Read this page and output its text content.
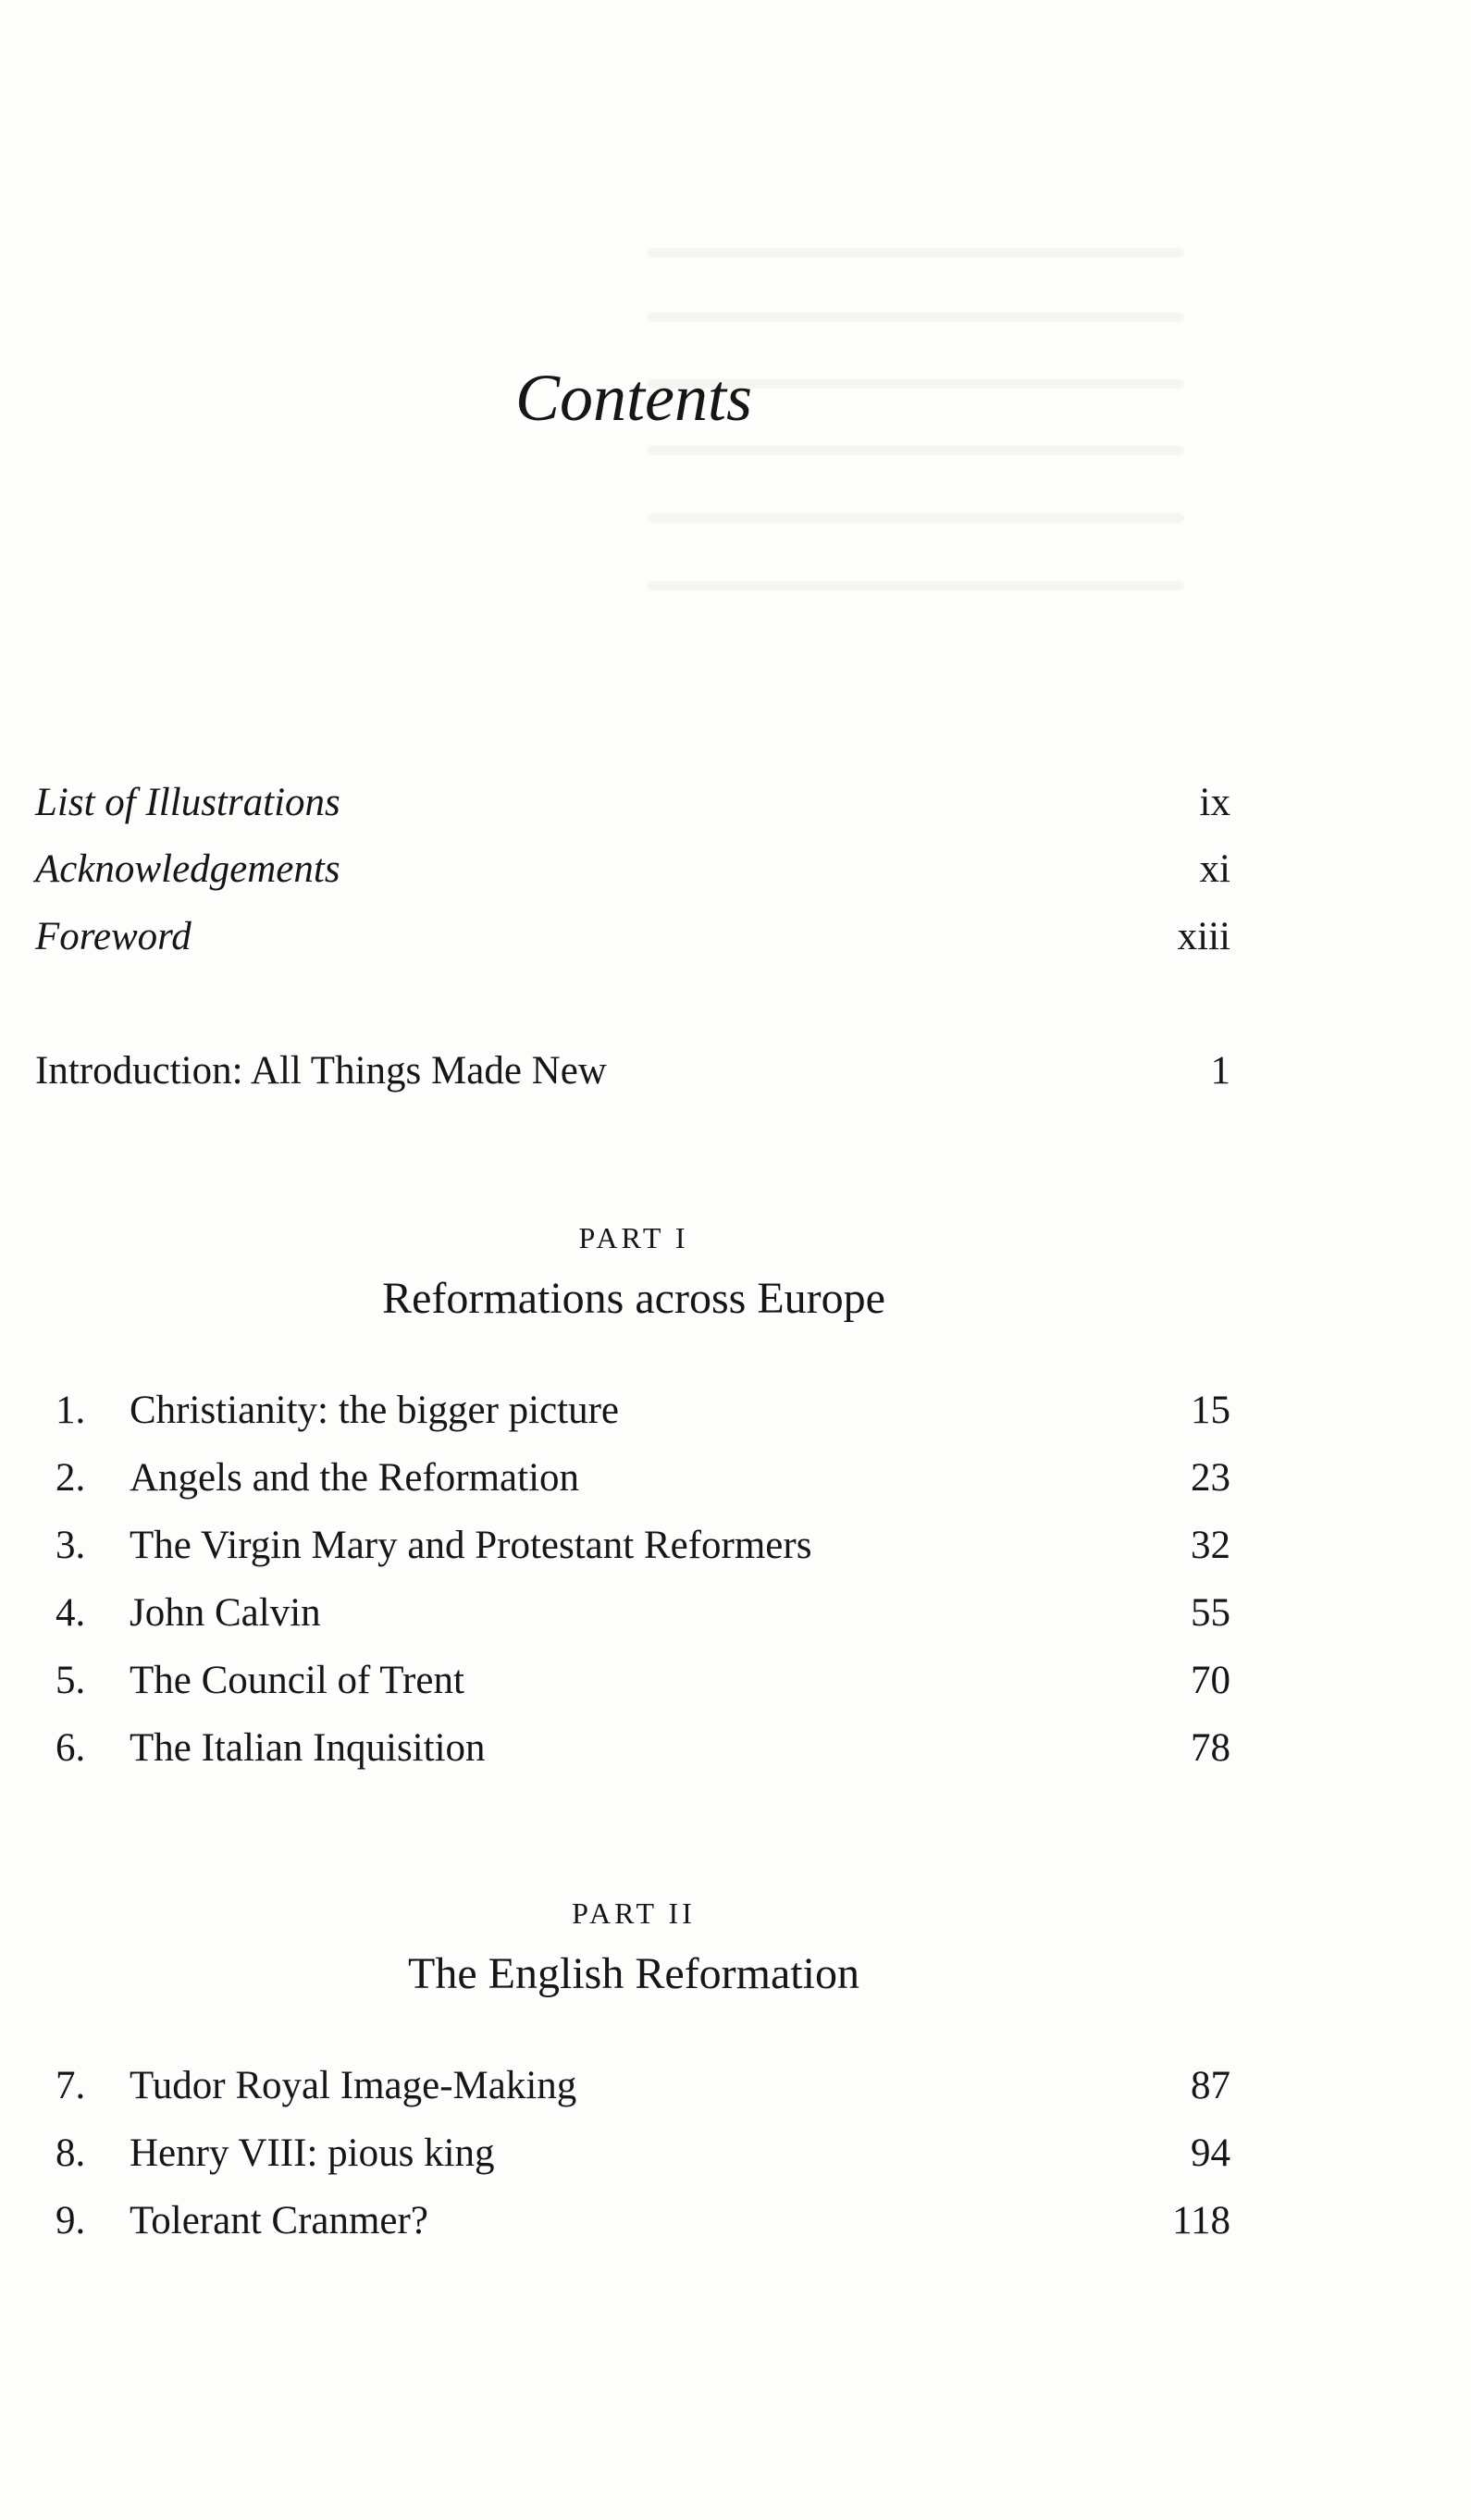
Contents
List of Illustrations	ix
Acknowledgements	xi
Foreword	xiii
Introduction: All Things Made New	1
PART I
Reformations across Europe
1. Christianity: the bigger picture	15
2. Angels and the Reformation	23
3. The Virgin Mary and Protestant Reformers	32
4. John Calvin	55
5. The Council of Trent	70
6. The Italian Inquisition	78
PART II
The English Reformation
7. Tudor Royal Image-Making	87
8. Henry VIII: pious king	94
9. Tolerant Cranmer?	118
